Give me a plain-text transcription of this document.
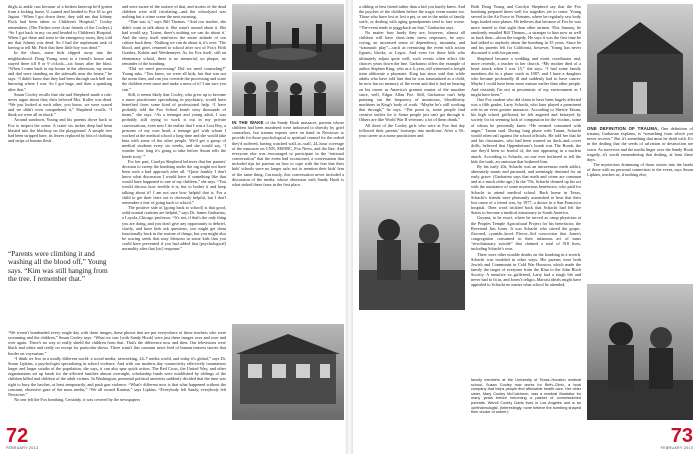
thigh–to ankle cast because of a broken kneecap he'd gotten from a kicking horse, U–turned and headed to Fox 61 to get Jaguar. “When I got down there, they told me that Johnny Fitch had been taken to Children's Hospital,” Cooley remembers. (The Fitches were close friends of the Cooleys.) “So I got back in my car and headed to Children's Hospital. When I got there and went to the emergency room, they told me that Johnny was dead. So I had the unpleasant task of having to tell Mr. Fitch that their little boy was dead.”

In the chaos, some kids slipped away into the neighborhood. Doug Young went to a friend's house and stayed there till 8 or 9 o'clock—six hours after the blast. “When I came back to my house in the afternoon, my mom and dad were standing on the sidewalk near the house,” he says. “I didn't know that they had been through such hell not knowing where I was. So I got hugs, and then a spanking after that.”

Susan Cooley recalls that she and Shepherd made a rule: never argue about that; their beloved Mrs. Koller was dead. “We just looked at each other, you know, we were scared and we didn't even comprehend it,” Shepherd recalls. “I think we were all in shock.”

Around sundown, Young and his parents drove back to Fox to inspect the scene. A crater six inches deep had been blasted into the blacktop on the playground. A simple tree had been stripped bare, its leaves replaced by bits of clothing and strips of human flesh.

and were aware of the surface of that, and stories of the dead children were still circulating—and the schoolyard was nothing but a crime scene the next morning.

“That was it,” says Bill Thomas. “And our teacher, she didn't want to talk about it. She wasn't around about it. She had would say, 'Listen, there's nothing we can do about it.' And the story itself reinforces the entire attitude of our culture back then. ‘Nothing we can do about it, it's over.’ The blood, and grief, returned to school after two of Fox's Fifth Graders, Kohler and Weidemeyer. As for Fox itself, still an elementary school, there is no memorial, no plaque, no reminder of the bombing.

“Did we need processing? Did we need counseling?” Young asks. “You know, we were all kids, but that was not the norm then, and can you override the processing and scare the children even more and make a mess of it? I am sure you can.”

Still, it seems likely that Cooley, who grew up to become a nurse practitioner specializing in psychiatry, would have benefited from some kind of professional help. “I have probably told the Fox School bomb story thousands of times,” she says. “As a teenager and young adult, I was probably still trying to work it out in my private conversations, even now I do realize that I was a Lost Boy, a prisoner of my own head, a teenage girl with whom I worked at the medical school a long time and she would take beta with some of the other people. We'd get a group of medical students every six weeks, and she would say, ‘I wonder how long it's going to take before Susan tells the bomb story.’”

For her part, Carolyn Shepherd believes that her parents' decision to sweep the bombing under the rug might not have been such a bad approach after all. “Quite frankly I don't know what discussion I would have if something like that would have happened to one of my children,” she says. “You would discuss how terrible it is, but to bother it and keep talking about it? I am not sure how helpful that is. For a child to get their fears out is obviously helpful, but I don't remember a fear of going back to school.”

The positive side of [going back to school] is that good, solid normal routines are helpful,” says Dr. James Garbarino, a Loyola–Chicago professor. “It's not, if that's the only thing you are doing, and you don't give any opportunity to debrief, clarify, and have kids ask questions, you might get them functionally back in the routine of things, but you might also be sowing seeds that may blossom in some kids that you could have prevented if you had added that [psychological] normality after that [sic] response.”

IN THE WAKE of the Sandy Hook massacre, parents whose children had been murdered were imbursed to directly by grief counselors, but trauma experts were on hand in Newtown to provide for those psychological or spiritual counsel for the ordeal they'd suffered, having watched wall–to–wall, 24–hour coverage of the massacre on CNN, MSNBC, Fox News, and the like. And everyone else was encouraged to participate in the “national conversation” that the event had occasioned, a conversation that included tips for parents on how to cope with the fear that their kids' schools were no longer safe, not to mention their kids' fear of the same thing. Curiously, this conversation never included a discussion of the media, whose obsession with Sandy Hook is what stoked these fears in the first place.

“We weren't bombarded every single day with these images, these photos that are put everywhere of these teachers who were screaming and the children,” Susan Cooley says. “What we saw [with Sandy Hook] were just these images over and over and over again. There's no way to really shield the children from that. That's the difference now and then. Our televisions were black and white and really on except for particular shows. There wasn't this constant news feed of human interest stories that border on voyeurism.”

“I think we live in a totally different world: a social media, networking, 24–7 media world, and today it's global,” says Dr. Susan Lipkins, a psychologist specializing in school violence. And with our modern–day connectivity effectively traumatizes larger and larger swaths of the population, she says, it can also spur quick action. The Red Cross, the United Way, and other organizations set up funds for the affected families almost overnight, scholarship funds were established by siblings of the children killed and children of the adult victims. In Washington, perennial political anxieties suddenly decided that the time was right to bury the hatchet, at least temporarily, and push gun violence. “What's different now is that what happened without the constant, obsessive gaze of the mass media,” “We all owned Katrina,” says Lipkins. “Everybody felt Sandy, everybody felt Newtown.”

No one felt the Fox bombing. Certainly, it was covered by the newspapers

“Parents were climbing it and washing all the blood off,” Young says. “Kim was still hanging from the tree. I remember that.”
72
FEBRUARY 2013

a sibling or best friend rather than a kid you barely knew. And the psyches of the children before the tragic event matter too. Those who have lost or lost a pet, or are in the midst of family strife, or dealing with aging grandparents tend to fare worse. “The event tends to piggyback on that,” Garbarino says.

No matter how hardy they are, however, almost all children will have short–term stress responses, he says: crying, an increased sense of dependency, insomnia, and “traumatic play”—such as reenacting the event with action figures, blocks, or Legos. And even for those kids who ultimately adjust quite well, such events often affect life choices years down the line. Garbarino offers the example of author Stephen King, who as a 4–year–old witnessed a freight train obliterate a playmate. King has since said that while adults who have told him that he was traumatized as a child, he now has no memory of the event and that it had no bearing on his career as America's greatest master of the macabre since, well, Edgar Allan Poe. Still, Garbarino can't help pointing out the frequency of monstrous, bloodthirsty machines in King's body of work. “Maybe he's still working that through,” he says. “The point is, some people find creative outlets for it. Some people just can't get through it. Others are like World War II veterans: a lot of them drank.”

All three of the Cooley girls who were at Fox that day followed their parents' footsteps into medicine. After a 50–year career as a nurse practitioner and

faculty members at the University of Texas–Houston medical school, Susan Cooley now works for Beth–Clinic, a local company that helps people find affordable health care. Her older sister, Mary Cooley McCutcheon, was a medical illustrator for many years before becoming a painter of commissioned portraits. Wendi Cooley Davis lives in Los Angeles and is an ophthalmologist. (Interestingly, none believe the bombing shaped their choice of career.)

Both Doug Young and Carolyn Shepherd say that the Fox bombing prepared them well for tragedies yet to come. Young served in the Air Force in Vietnam, where he regularly saw body bags loaded onto planes. He believes that because of Fox he was more inured to that sight than other airmen. This January, he randomly emailed Bill Thomas—a stranger to him now as well as back then—about the tragedy. He says it was the first time he had talked to anybody about the bombing in 35 years. Since he and his parents left for California, however, Young has never discussed it with his parents.

Shepherd became a wedding and event coordinator and, more recently, a teacher in her church. “My mother died of a heart attack when I was 15,” she says. “I had some family members die in a plane crash in 1987, and I have a daughter who became profoundly ill and suddenly had to have cancer. Maybe I could have been more mature earlier than other people. And certainly I'm not as pessimistic of my environment as I might have been.”

One Fox student who did claim to have been hugely affected was a fifth grader, Larry Schacht, who later played a prominent role in an even greater massacre. According to Sherrie Tatum, his high school girlfriend, he felt angered and betrayed by society for its seeming lack of compassion for the victims, some of whom he personally knew. “He seemed consumed with anger,” Tatum said. During lung phase with Tatum, Schacht would often rail against the school officials. He told her that he and his classmates, who had been warned on duck–and–cover drills, believed that Oppenheimer's bomb was The Bomb, the one they'd been so fearful of, the one appearing in a nuclear attack. According to Schacht, no one ever bothered to tell the kids the truth, an omission that bothered him.

By his early 20s, Schacht was an intravenous meth addict, alternately manic and paranoid, and seemingly destined for an early grave. (Garbarino says that meth and crime are common and at a much older age.) In the '70s, Schacht cleaned up his act with the assistance of some mysterious benefactor, who paid for Schacht to attend medical school. Back home in Texas, Schacht's friends were pleasantly astonished to hear that their lost cause of a friend was, by 1977, a doctor in a San Francisco hospital. Then word trickled back that Schacht had left the States to become a medical missionary in South America.

Guyana, to be exact, where he served as camp physician at the Peoples Temple Agricultural Project for his benefactor, the Reverend Jim Jones. It was Schacht who stirred the grape–flavored, cyanide–laced Flavor–Aid concoction that Jones's congregation consumed in their infamous act of mass “revolutionary suicide” that claimed a total of 918 lives, including Schacht's own.

There were other notable deaths on the bombing in a stretch. Schacht was troubled in other ways. His parents were both Jewish and Communist in Cold War Houston, which made the family the target of everyone from the Klan to the John Birch Society. A sensitive ex–girlfriend, Larry had a tough life and never had to fit in, and Jones's religio–Marxist ideals might have appealed to Schacht no matter what school he attended.

ONE DEFINITION OF TRAUMA, One definition of trauma, Garbarino explains, is “something from which you never recover.” But it's something that must be dealt with. It's in the dealing that the seeds of salvation or destruction are sown. As survivors and the media linger over the Sandy Hook tragedy, it's worth remembering that dealing, at least these days.

The mysterious drumming of those stories into the heads of those with no personal connection to the event, says Susan Lipkins, teaches us, if nothing else,

73
FEBRUARY 2013
